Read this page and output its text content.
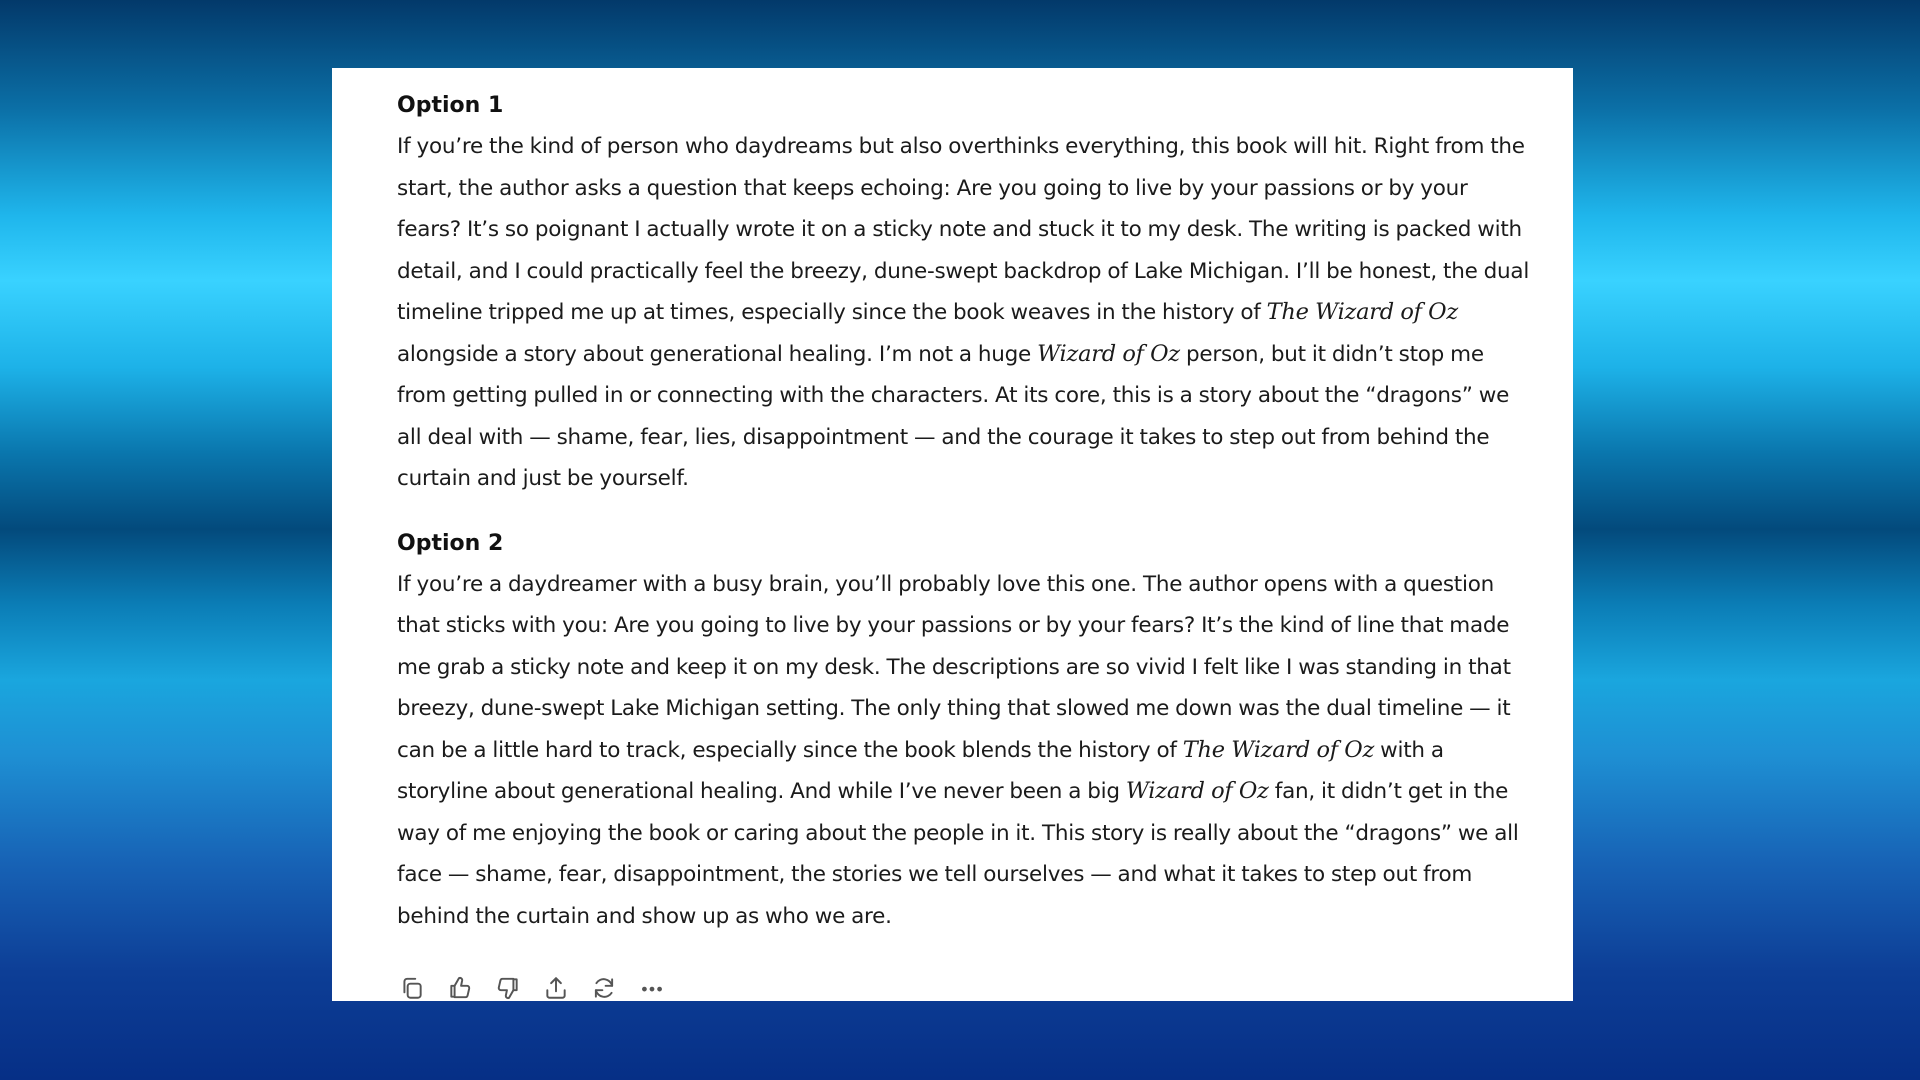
Option 1

If you’re the kind of person who daydreams but also overthinks everything, this book will hit. Right from the start, the author asks a question that keeps echoing: Are you going to live by your passions or by your fears? It’s so poignant I actually wrote it on a sticky note and stuck it to my desk. The writing is packed with detail, and I could practically feel the breezy, dune-swept backdrop of Lake Michigan. I’ll be honest, the dual timeline tripped me up at times, especially since the book weaves in the history of The Wizard of Oz alongside a story about generational healing. I’m not a huge Wizard of Oz person, but it didn’t stop me from getting pulled in or connecting with the characters. At its core, this is a story about the “dragons” we all deal with — shame, fear, lies, disappointment — and the courage it takes to step out from behind the curtain and just be yourself.

Option 2

If you’re a daydreamer with a busy brain, you’ll probably love this one. The author opens with a question that sticks with you: Are you going to live by your passions or by your fears? It’s the kind of line that made me grab a sticky note and keep it on my desk. The descriptions are so vivid I felt like I was standing in that breezy, dune-swept Lake Michigan setting. The only thing that slowed me down was the dual timeline — it can be a little hard to track, especially since the book blends the history of The Wizard of Oz with a storyline about generational healing. And while I’ve never been a big Wizard of Oz fan, it didn’t get in the way of me enjoying the book or caring about the people in it. This story is really about the “dragons” we all face — shame, fear, disappointment, the stories we tell ourselves — and what it takes to step out from behind the curtain and show up as who we are.
